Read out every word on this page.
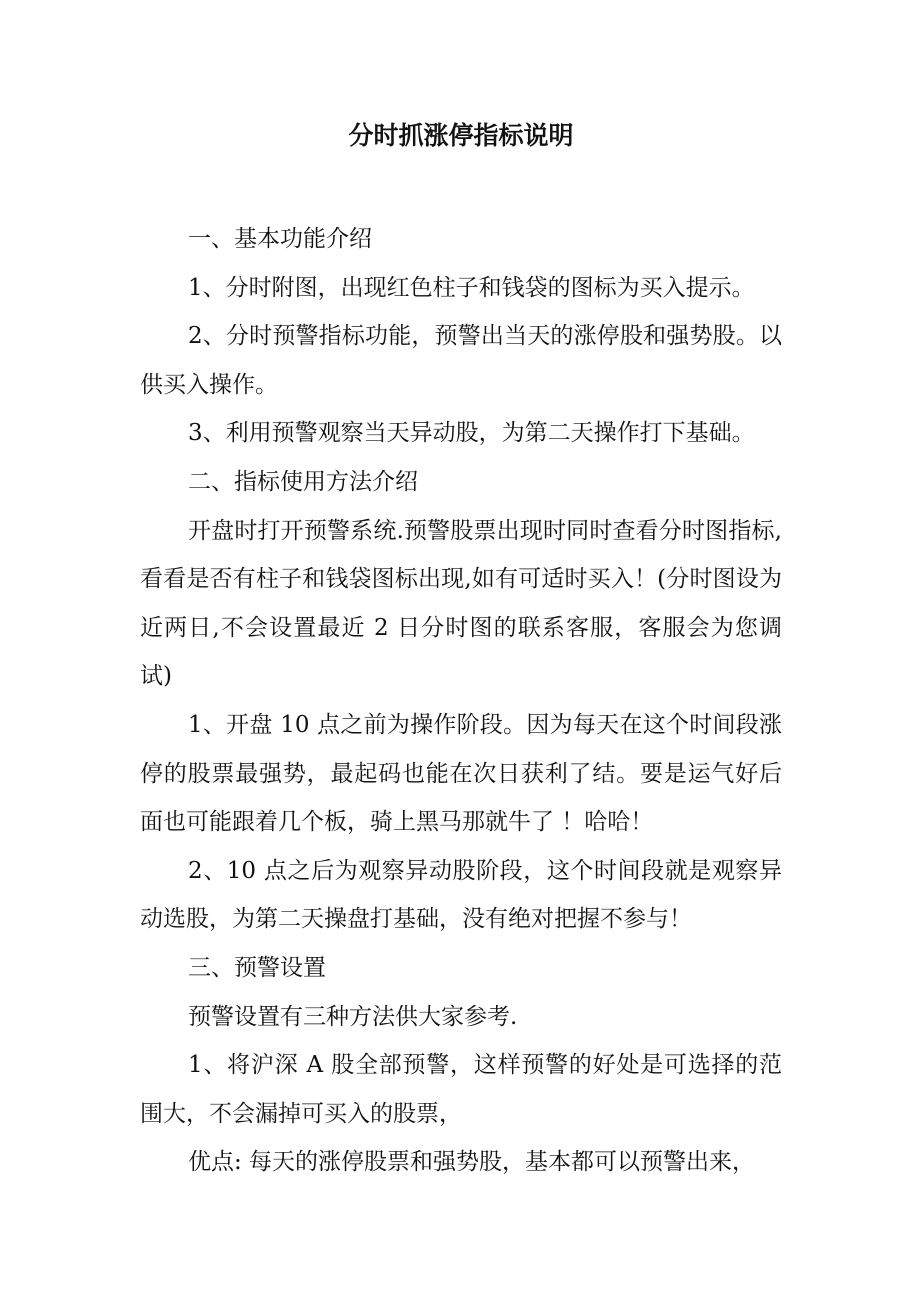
分时抓涨停指标说明

一、基本功能介绍

1、分时附图，出现红色柱子和钱袋的图标为买入提示。

2、分时预警指标功能，预警出当天的涨停股和强势股。以供买入操作。

3、利用预警观察当天异动股，为第二天操作打下基础。

二、指标使用方法介绍

开盘时打开预警系统.预警股票出现时同时查看分时图指标,看看是否有柱子和钱袋图标出现,如有可适时买入！(分时图设为近两日,不会设置最近 2 日分时图的联系客服，客服会为您调试)

1、开盘 10 点之前为操作阶段。因为每天在这个时间段涨停的股票最强势，最起码也能在次日获利了结。要是运气好后面也可能跟着几个板，骑上黑马那就牛了 ！哈哈！

2、10 点之后为观察异动股阶段，这个时间段就是观察异动选股，为第二天操盘打基础，没有绝对把握不参与！

三、预警设置

预警设置有三种方法供大家参考.

1、将沪深 A 股全部预警，这样预警的好处是可选择的范围大，不会漏掉可买入的股票，

优点: 每天的涨停股票和强势股，基本都可以预警出来，
